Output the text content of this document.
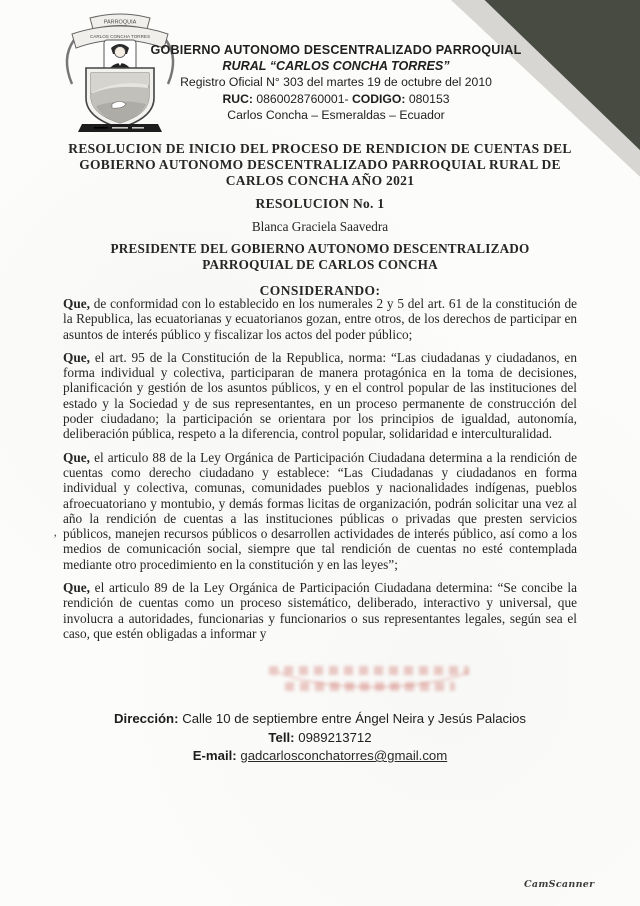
PARROQUIA
CARLOS CONCHA TORRES
GOBIERNO AUTONOMO DESCENTRALIZADO PARROQUIAL
RURAL “CARLOS CONCHA TORRES”
Registro Oficial N° 303 del martes 19 de octubre del 2010
RUC: 0860028760001- CODIGO: 080153
Carlos Concha – Esmeraldas – Ecuador
RESOLUCION DE INICIO DEL PROCESO DE RENDICION DE CUENTAS DEL
GOBIERNO AUTONOMO DESCENTRALIZADO PARROQUIAL RURAL DE
CARLOS CONCHA AÑO 2021
RESOLUCION No. 1
Blanca Graciela Saavedra
PRESIDENTE DEL GOBIERNO AUTONOMO DESCENTRALIZADO
PARROQUIAL DE CARLOS CONCHA
CONSIDERANDO:
‚

Que, de conformidad con lo establecido en los numerales 2 y 5 del art. 61 de la constitución de la Republica, las ecuatorianas y ecuatorianos gozan, entre otros, de los derechos de participar en asuntos de interés público y fiscalizar los actos del poder público;

Que, el art. 95 de la Constitución de la Republica, norma: “Las ciudadanas y ciudadanos, en forma individual y colectiva, participaran de manera protagónica en la toma de decisiones, planificación y gestión de los asuntos públicos, y en el control popular de las instituciones del estado y la Sociedad y de sus representantes, en un proceso permanente de construcción del poder ciudadano; la participación se orientara por los principios de igualdad, autonomía, deliberación pública, respeto a la diferencia, control popular, solidaridad e interculturalidad.

Que, el articulo 88 de la Ley Orgánica de Participación Ciudadana determina a la rendición de cuentas como derecho ciudadano y establece: “Las Ciudadanas y ciudadanos en forma individual y colectiva, comunas, comunidades pueblos y nacionalidades indígenas, pueblos afroecuatoriano y montubio, y demás formas licitas de organización, podrán solicitar una vez al año la rendición de cuentas a las instituciones públicas o privadas que presten servicios públicos, manejen recursos públicos o desarrollen actividades de interés público, así como a los medios de comunicación social, siempre que tal rendición de cuentas no esté contemplada mediante otro procedimiento en la constitución y en las leyes”;

Que, el articulo 89 de la Ley Orgánica de Participación Ciudadana determina: “Se concibe la rendición de cuentas como un proceso sistemático, deliberado, interactivo y universal, que involucra a autoridades, funcionarias y funcionarios o sus representantes legales, según sea el caso, que estén obligadas a informar y

Dirección: Calle 10 de septiembre entre Ángel Neira y Jesús Palacios
Tell: 0989213712
E-mail: gadcarlosconchatorres@gmail.com
CamScanner
